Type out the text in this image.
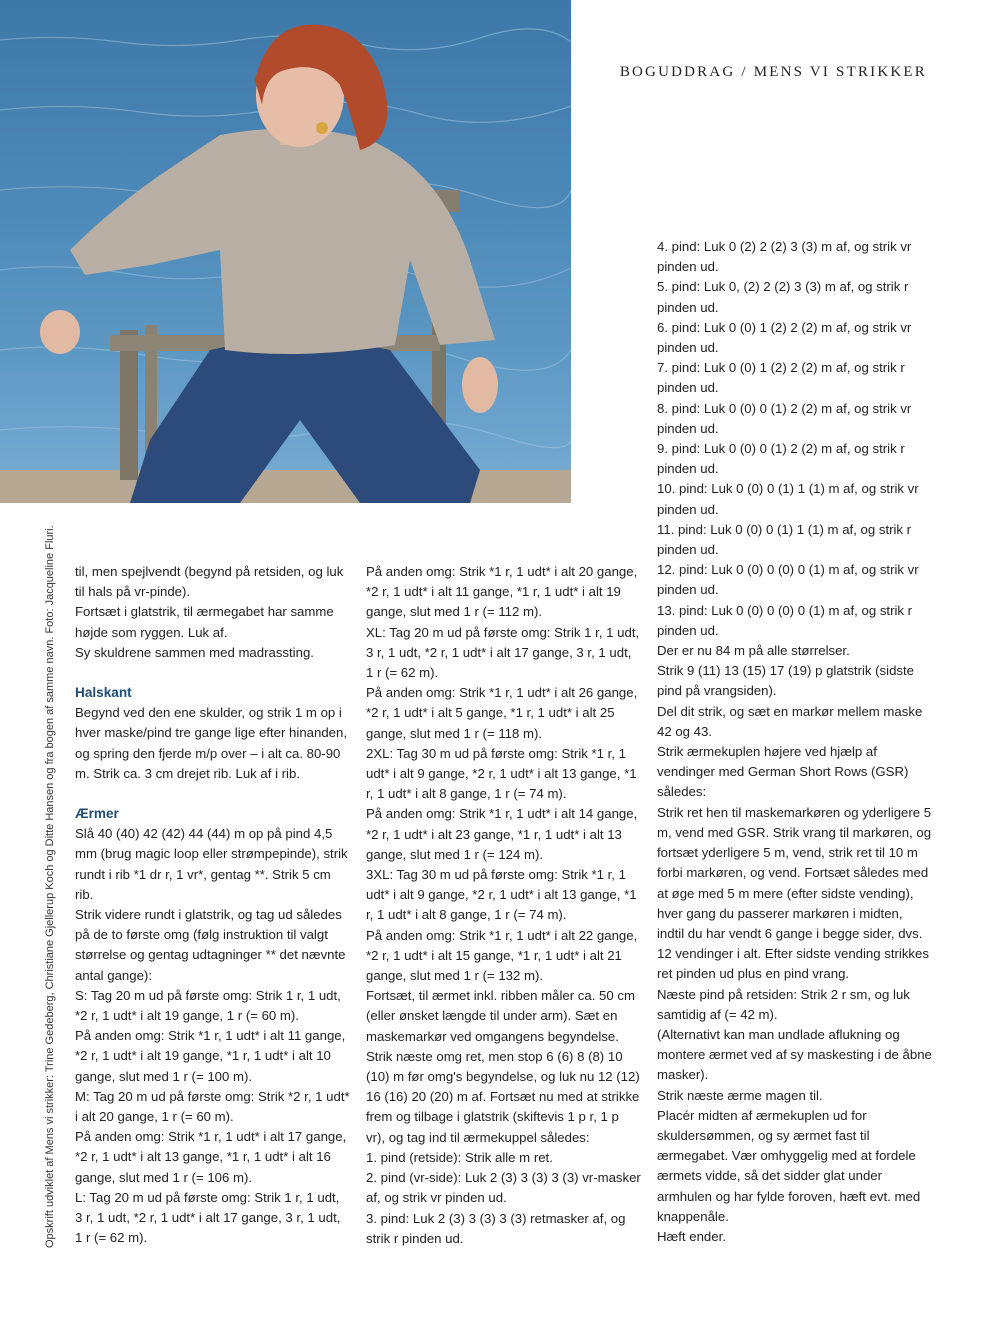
BOGUDDRAG / MENS VI STRIKKER
Opskrift udviklet af Mens vi strikker: Trine Gedeberg, Christiane Gjellerup Koch og Ditte Hansen og fra bogen af samme navn. Foto: Jacqueline Fluri. til, men spejlvendt (begynd på retsiden, og luk til hals på vr-pinde).

Fortsæt i glatstrik, til ærmegabet har samme højde som ryggen. Luk af.

Sy skuldrene sammen med madrassting.

Halskant

Begynd ved den ene skulder, og strik 1 m op i hver maske/pind tre gange lige efter hinanden, og spring den fjerde m/p over – i alt ca. 80-90 m. Strik ca. 3 cm drejet rib. Luk af i rib.

Ærmer

Slå 40 (40) 42 (42) 44 (44) m op på pind 4,5 mm (brug magic loop eller strømpepinde), strik rundt i rib *1 dr r, 1 vr*, gentag **. Strik 5 cm rib.

Strik videre rundt i glatstrik, og tag ud således på de to første omg (følg instruktion til valgt størrelse og gentag udtagninger ** det nævnte antal gange):

S: Tag 20 m ud på første omg: Strik 1 r, 1 udt, *2 r, 1 udt* i alt 19 gange, 1 r (= 60 m).

På anden omg: Strik *1 r, 1 udt* i alt 11 gange, *2 r, 1 udt* i alt 19 gange, *1 r, 1 udt* i alt 10 gange, slut med 1 r (= 100 m).

M: Tag 20 m ud på første omg: Strik *2 r, 1 udt* i alt 20 gange, 1 r (= 60 m).

På anden omg: Strik *1 r, 1 udt* i alt 17 gange, *2 r, 1 udt* i alt 13 gange, *1 r, 1 udt* i alt 16 gange, slut med 1 r (= 106 m).

L: Tag 20 m ud på første omg: Strik 1 r, 1 udt, 3 r, 1 udt, *2 r, 1 udt* i alt 17 gange, 3 r, 1 udt, 1 r (= 62 m).

På anden omg: Strik *1 r, 1 udt* i alt 20 gange, *2 r, 1 udt* i alt 11 gange, *1 r, 1 udt* i alt 19 gange, slut med 1 r (= 112 m).

XL: Tag 20 m ud på første omg: Strik 1 r, 1 udt, 3 r, 1 udt, *2 r, 1 udt* i alt 17 gange, 3 r, 1 udt, 1 r (= 62 m).

På anden omg: Strik *1 r, 1 udt* i alt 26 gange, *2 r, 1 udt* i alt 5 gange, *1 r, 1 udt* i alt 25 gange, slut med 1 r (= 118 m).

2XL: Tag 30 m ud på første omg: Strik *1 r, 1 udt* i alt 9 gange, *2 r, 1 udt* i alt 13 gange, *1 r, 1 udt* i alt 8 gange, 1 r (= 74 m).

På anden omg: Strik *1 r, 1 udt* i alt 14 gange, *2 r, 1 udt* i alt 23 gange, *1 r, 1 udt* i alt 13 gange, slut med 1 r (= 124 m).

3XL: Tag 30 m ud på første omg: Strik *1 r, 1 udt* i alt 9 gange, *2 r, 1 udt* i alt 13 gange, *1 r, 1 udt* i alt 8 gange, 1 r (= 74 m).

På anden omg: Strik *1 r, 1 udt* i alt 22 gange, *2 r, 1 udt* i alt 15 gange, *1 r, 1 udt* i alt 21 gange, slut med 1 r (= 132 m).

Fortsæt, til ærmet inkl. ribben måler ca. 50 cm (eller ønsket længde til under arm). Sæt en maskemarkør ved omgangens begyndelse.

Strik næste omg ret, men stop 6 (6) 8 (8) 10 (10) m før omg's begyndelse, og luk nu 12 (12) 16 (16) 20 (20) m af. Fortsæt nu med at strikke frem og tilbage i glatstrik (skiftevis 1 p r, 1 p vr), og tag ind til ærmekuppel således:

1. pind (retside): Strik alle m ret.

2. pind (vr-side): Luk 2 (3) 3 (3) 3 (3) vr-masker af, og strik vr pinden ud.

3. pind: Luk 2 (3) 3 (3) 3 (3) retmasker af, og strik r pinden ud.

4. pind: Luk 0 (2) 2 (2) 3 (3) m af, og strik vr pinden ud.

5. pind: Luk 0, (2) 2 (2) 3 (3) m af, og strik r pinden ud.

6. pind: Luk 0 (0) 1 (2) 2 (2) m af, og strik vr pinden ud.

7. pind: Luk 0 (0) 1 (2) 2 (2) m af, og strik r pinden ud.

8. pind: Luk 0 (0) 0 (1) 2 (2) m af, og strik vr pinden ud.

9. pind: Luk 0 (0) 0 (1) 2 (2) m af, og strik r pinden ud.

10. pind: Luk 0 (0) 0 (1) 1 (1) m af, og strik vr pinden ud.

11. pind: Luk 0 (0) 0 (1) 1 (1) m af, og strik r pinden ud.

12. pind: Luk 0 (0) 0 (0) 0 (1) m af, og strik vr pinden ud.

13. pind: Luk 0 (0) 0 (0) 0 (1) m af, og strik r pinden ud.

Der er nu 84 m på alle størrelser.

Strik 9 (11) 13 (15) 17 (19) p glatstrik (sidste pind på vrangsiden).

Del dit strik, og sæt en markør mellem maske 42 og 43.

Strik ærmekuplen højere ved hjælp af vendinger med German Short Rows (GSR) således:

Strik ret hen til maskemarkøren og yderligere 5 m, vend med GSR. Strik vrang til markøren, og fortsæt yderligere 5 m, vend, strik ret til 10 m forbi markøren, og vend. Fortsæt således med at øge med 5 m mere (efter sidste vending), hver gang du passerer markøren i midten, indtil du har vendt 6 gange i begge sider, dvs. 12 vendinger i alt. Efter sidste vending strikkes ret pinden ud plus en pind vrang.

Næste pind på retsiden: Strik 2 r sm, og luk samtidig af (= 42 m).

(Alternativt kan man undlade aflukning og montere ærmet ved af sy maskesting i de åbne masker).

Strik næste ærme magen til.

Placér midten af ærmekuplen ud for skuldersømmen, og sy ærmet fast til ærmegabet. Vær omhyggelig med at fordele ærmets vidde, så det sidder glat under armhulen og har fylde foroven, hæft evt. med knappenåle.

Hæft ender.
